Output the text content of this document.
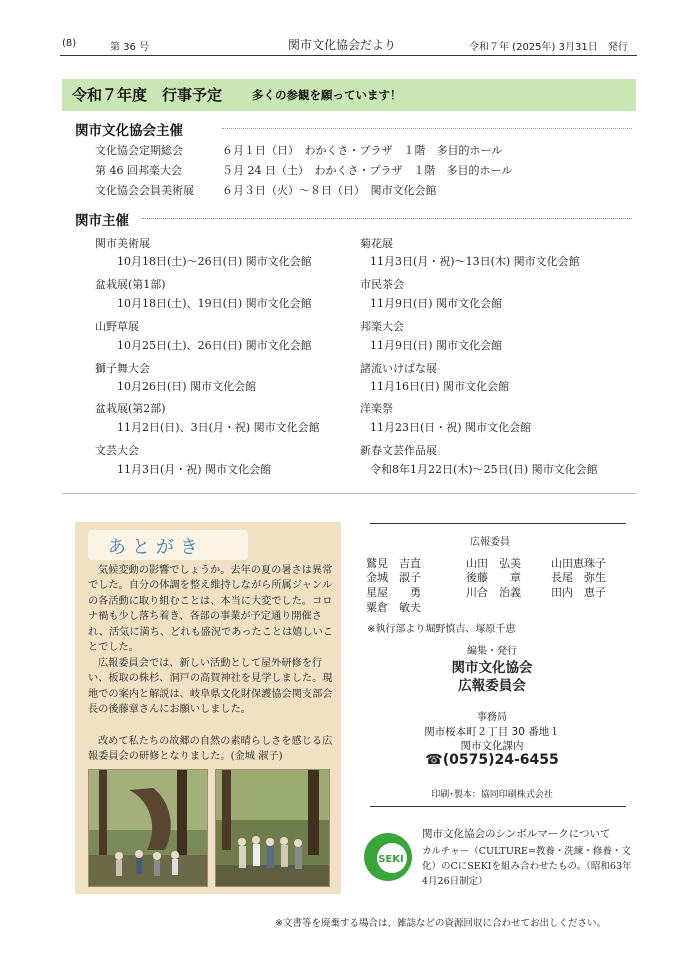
(8)	第 36 号	関市文化協会だより	令和７年 (2025年) 3月31日　発行
令和７年度　行事予定	多くの参観を願っています！
関市文化協会主催
文化協会定期総会	６月１日（日）　わかくさ・プラザ　１階　多目的ホール
第 46 回邦楽大会	５月 24 日（土）　わかくさ・プラザ　１階　多目的ホール
文化協会会員美術展	６月３日（火）～８日（日）　関市文化会館
関市主催
関市美術展
10月18日(土)～26日(日) 関市文化会館
盆栽展(第1部)
10月18日(土)、19日(日) 関市文化会館
山野草展
10月25日(土)、26日(日) 関市文化会館
獅子舞大会
10月26日(日) 関市文化会館
盆栽展(第2部)
11月2日(日)、3日(月・祝) 関市文化会館
文芸大会
11月3日(月・祝) 関市文化会館
菊花展
11月3日(月・祝)～13日(木) 関市文化会館
市民茶会
11月9日(日) 関市文化会館
邦楽大会
11月9日(日) 関市文化会館
諸流いけばな展
11月16日(日) 関市文化会館
洋楽祭
11月23日(日・祝) 関市文化会館
新春文芸作品展
令和8年1月22日(木)～25日(日) 関市文化会館
あとがき
気候変動の影響でしょうか。去年の夏の暑さは異常でした。自分の体調を整え維持しながら所属ジャンルの各活動に取り組むことは、本当に大変でした。コロナ禍も少し落ち着き、各部の事業が予定通り開催され、活気に満ち、どれも盛況であったことは嬉しいことでした。
広報委員会では、新しい活動として屋外研修を行い、板取の株杉、洞戸の高賀神社を見学しました。現地での案内と解説は、岐阜県文化財保護協会関支部会長の後藤章さんにお願いしました。
改めて私たちの故郷の自然の素晴らしさを感じる広報委員会の研修となりました。(金城 淑子)
広報委員
鷲見　吉直	山田　弘美	山田恵珠子
金城　淑子	後藤　　章	長尾　弥生
星屋　　勇	川合　治義	田内　恵子
粟倉　敏夫
※執行部より堀野慎吉、塚原千恵
編集・発行
関市文化協会
広報委員会
事務局
関市桜本町２丁目 30 番地１
関市文化課内
☎(0575)24-6455
印刷･製本：協同印刷株式会社
SEKI
関市文化協会のシンボルマークについて
カルチャー（CULTURE=教養・洗練・修養・文化）のCにSEKIを組み合わせたもの。（昭和63年4月26日制定）
※文書等を廃棄する場合は、雑誌などの資源回収に合わせてお出しください。
